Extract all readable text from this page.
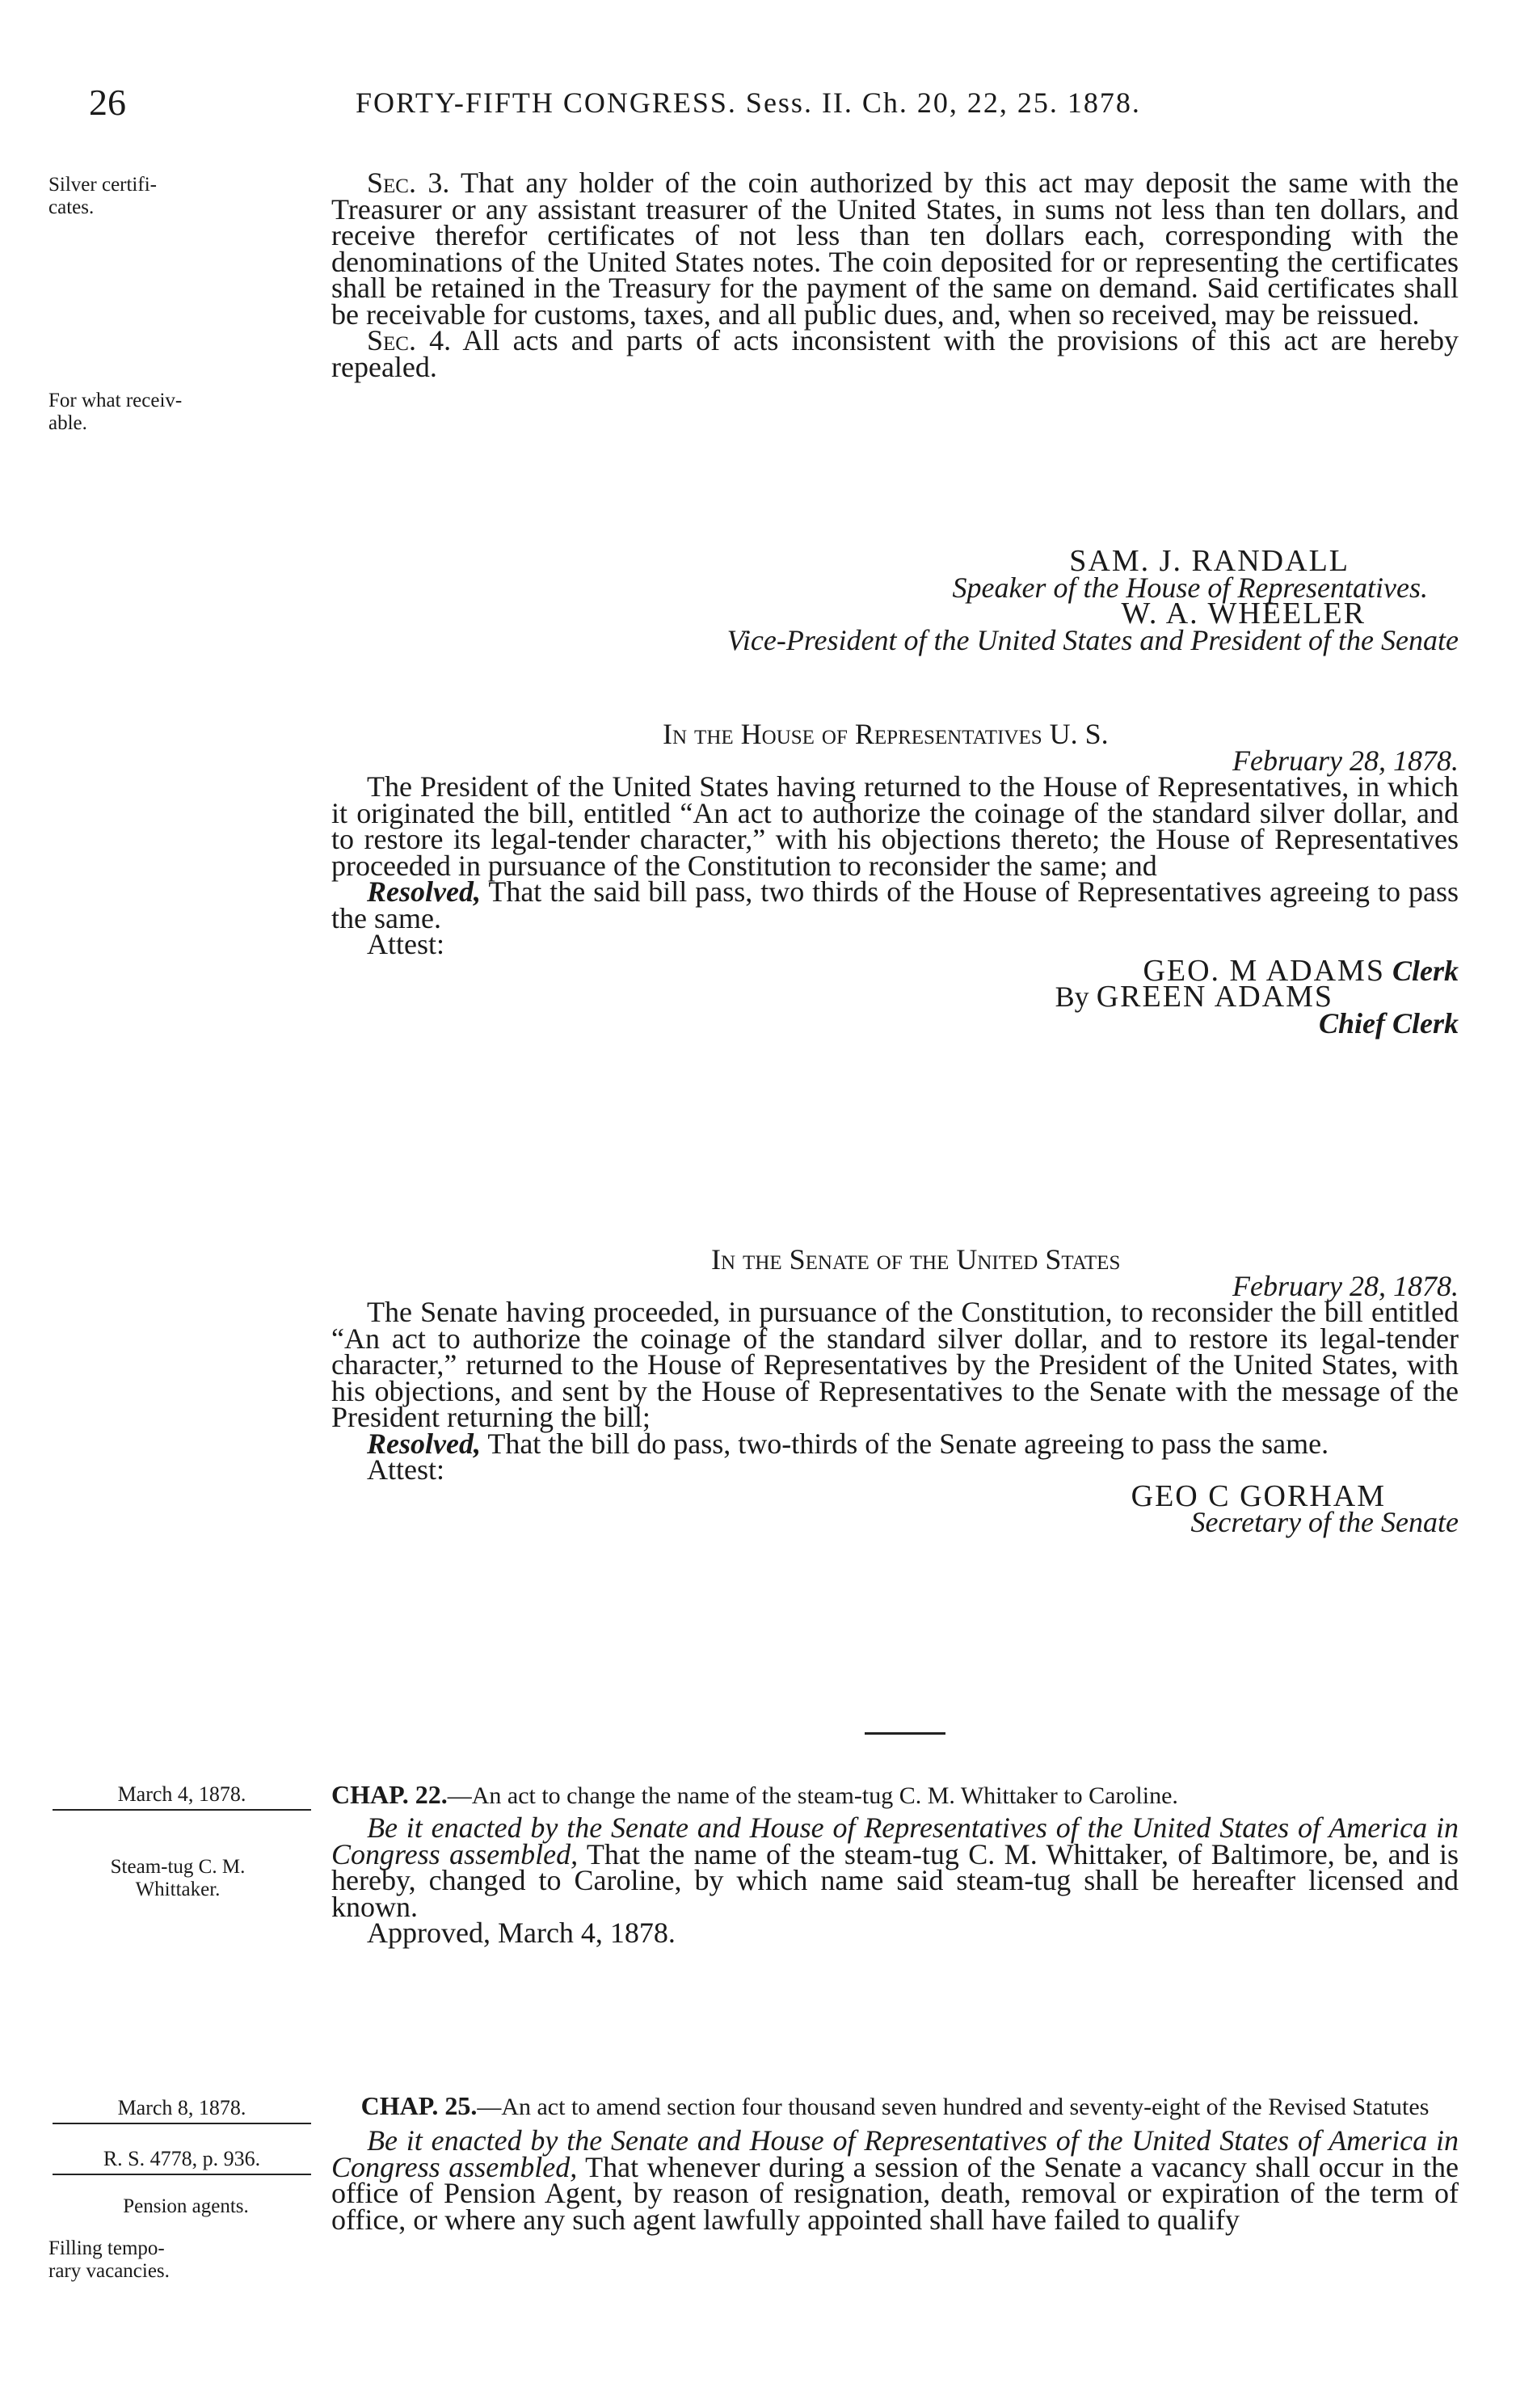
26	FORTY-FIFTH CONGRESS. Sess. II. Ch. 20, 22, 25. 1878.
Silver certifi-
cates.
For what receiv-
able.

Sec. 3. That any holder of the coin authorized by this act may deposit the same with the Treasurer or any assistant treasurer of the United States, in sums not less than ten dollars, and receive therefor certificates of not less than ten dollars each, corresponding with the denominations of the United States notes. The coin deposited for or representing the certificates shall be retained in the Treasury for the payment of the same on demand. Said certificates shall be receivable for customs, taxes, and all public dues, and, when so received, may be reissued.

Sec. 4. All acts and parts of acts inconsistent with the provisions of this act are hereby repealed.

SAM. J. RANDALL

Speaker of the House of Representatives.

W. A. WHEELER

Vice-President of the United States and President of the Senate

In the House of Representatives U. S.

February 28, 1878.

The President of the United States having returned to the House of Representatives, in which it originated the bill, entitled “An act to authorize the coinage of the standard silver dollar, and to restore its legal-tender character,” with his objections thereto; the House of Representatives proceeded in pursuance of the Constitution to reconsider the same; and

Resolved, That the said bill pass, two thirds of the House of Representatives agreeing to pass the same.

Attest:

GEO. M ADAMS Clerk

By GREEN ADAMS

Chief Clerk

In the Senate of the United States

February 28, 1878.

The Senate having proceeded, in pursuance of the Constitution, to reconsider the bill entitled “An act to authorize the coinage of the standard silver dollar, and to restore its legal-tender character,” returned to the House of Representatives by the President of the United States, with his objections, and sent by the House of Representatives to the Senate with the message of the President returning the bill;

Resolved, That the bill do pass, two-thirds of the Senate agreeing to pass the same.

Attest:

GEO C GORHAM

Secretary of the Senate

March 4, 1878.
Steam-tug C. M.
Whittaker.

CHAP. 22.—An act to change the name of the steam-tug C. M. Whittaker to Caroline.

Be it enacted by the Senate and House of Representatives of the United States of America in Congress assembled, That the name of the steam-tug C. M. Whittaker, of Baltimore, be, and is hereby, changed to Caroline, by which name said steam-tug shall be hereafter licensed and known.

Approved, March 4, 1878.

March 8, 1878.
R. S. 4778, p. 936.
Pension agents.
Filling tempo-
rary vacancies.

CHAP. 25.—An act to amend section four thousand seven hundred and seventy-eight of the Revised Statutes

Be it enacted by the Senate and House of Representatives of the United States of America in Congress assembled, That whenever during a session of the Senate a vacancy shall occur in the office of Pension Agent, by reason of resignation, death, removal or expiration of the term of office, or where any such agent lawfully appointed shall have failed to qualify
